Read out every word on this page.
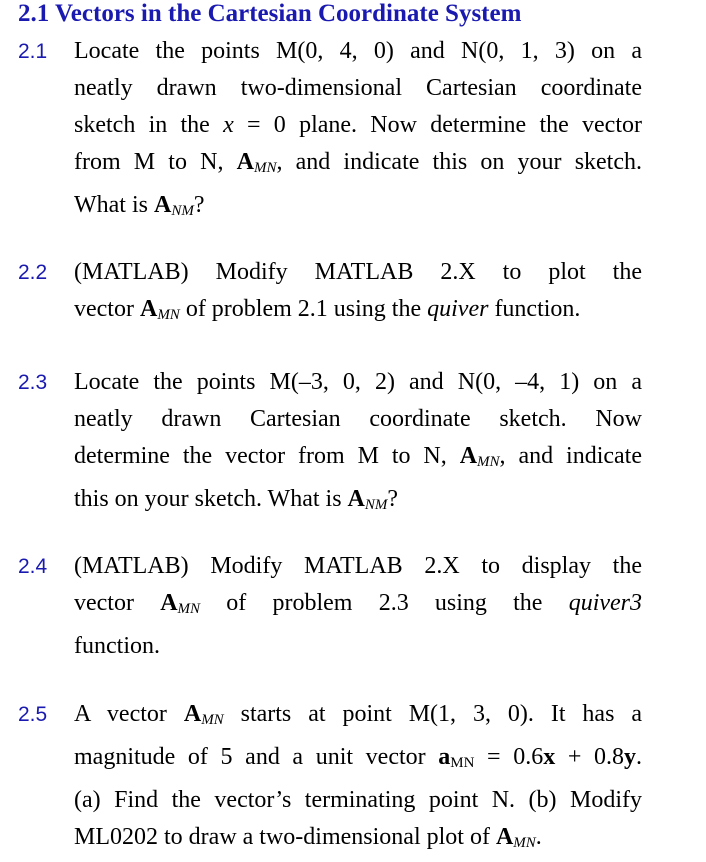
2.1 Vectors in the Cartesian Coordinate System
2.1 Locate the points M(0, 4, 0) and N(0, 1, 3) on a
neatly drawn two-dimensional Cartesian coordinate
sketch in the x = 0 plane. Now determine the vector
from M to N, $A_{MN}$, and indicate this on your sketch.
What is $A_{NM}$?
2.2 (MATLAB) Modify MATLAB 2.X to plot the
vector $A_{MN}$ of problem 2.1 using the quiver function.
2.3 Locate the points M(–3, 0, 2) and N(0, –4, 1) on a
neatly drawn Cartesian coordinate sketch. Now
determine the vector from M to N, $A_{MN}$, and indicate
this on your sketch. What is $A_{NM}$?
2.4 (MATLAB) Modify MATLAB 2.X to display the
vector $A_{MN}$ of problem 2.3 using the quiver3
function.
2.5 A vector $A_{MN}$ starts at point M(1, 3, 0). It has a
magnitude of 5 and a unit vector $a_{MN} = 0.6x + 0.8y$.
(a) Find the vector’s terminating point N. (b) Modify
ML0202 to draw a two-dimensional plot of $A_{MN}$.
